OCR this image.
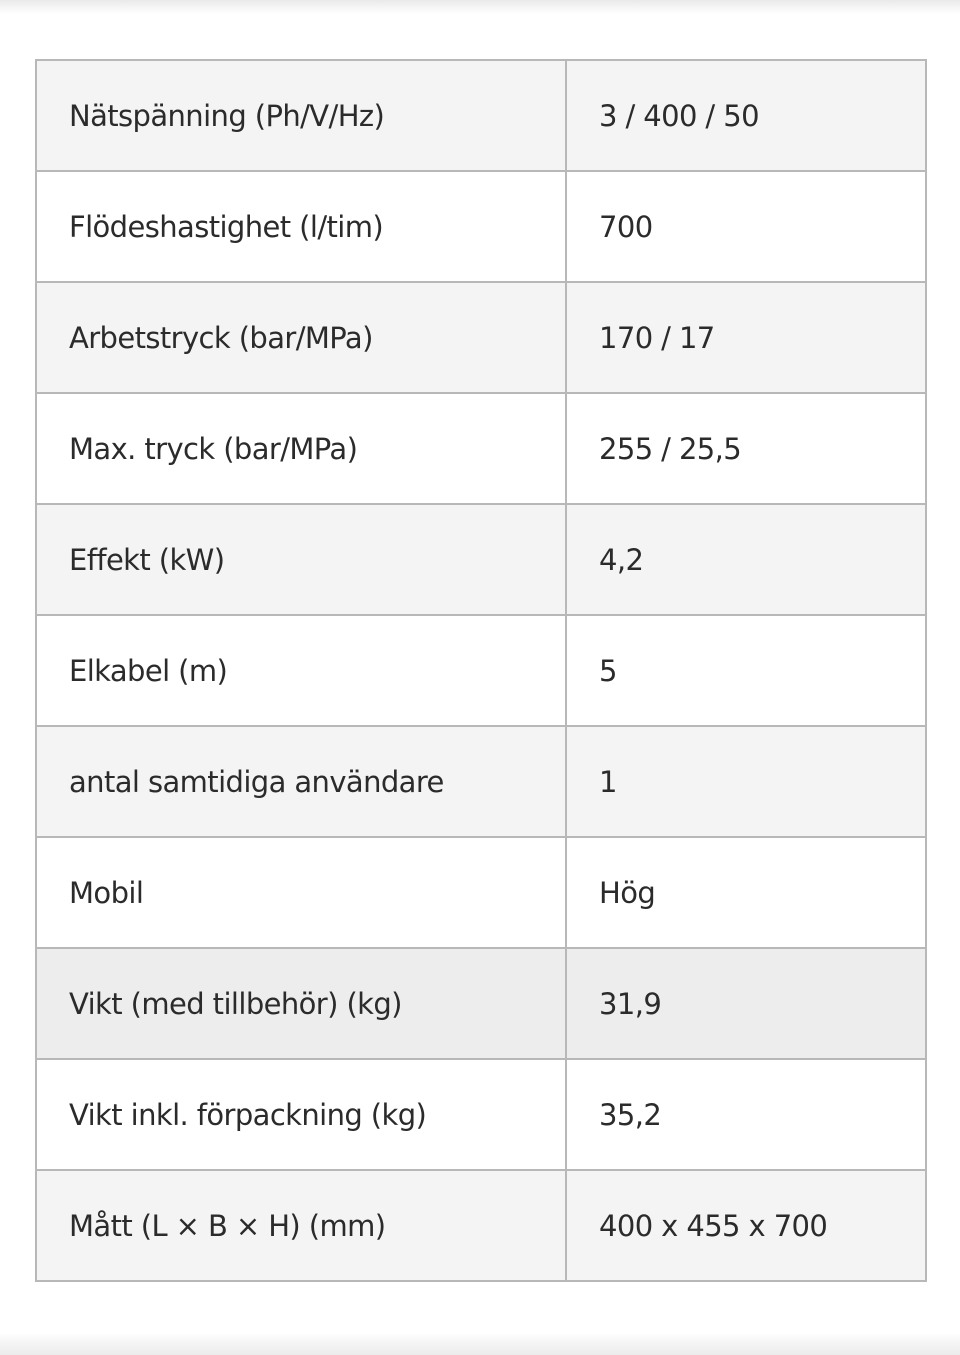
Nätspänning (Ph/V/Hz)	3 / 400 / 50
Flödeshastighet (l/tim)	700
Arbetstryck (bar/MPa)	170 / 17
Max. tryck (bar/MPa)	255 / 25,5
Effekt (kW)	4,2
Elkabel (m)	5
antal samtidiga användare	1
Mobil	Hög
Vikt (med tillbehör) (kg)	31,9
Vikt inkl. förpackning (kg)	35,2
Mått (L × B × H) (mm)	400 x 455 x 700
